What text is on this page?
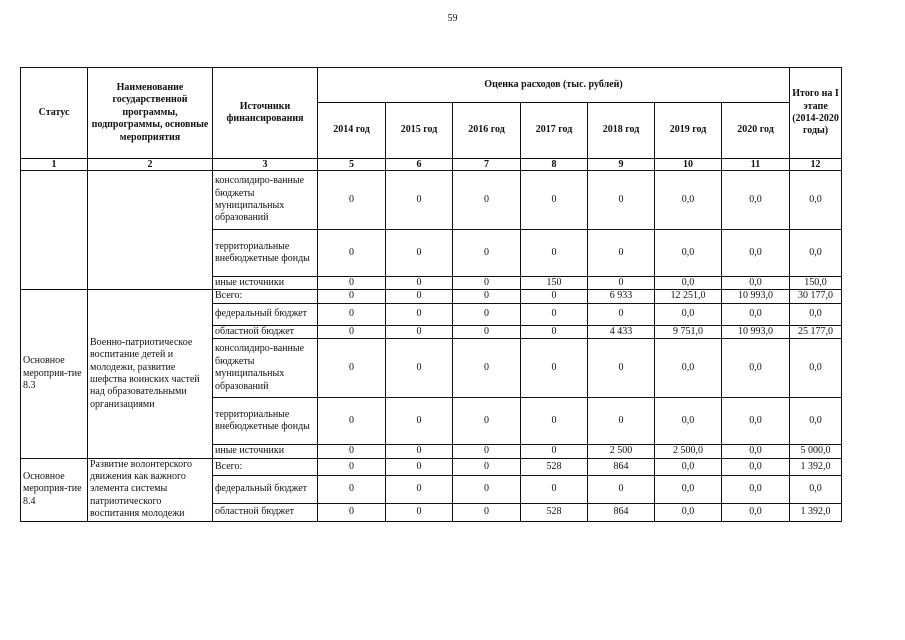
59
Статус	Наименование государственной программы, подпрограммы, основные мероприятия	Источники финансирования	Оценка расходов (тыс. рублей)							Итого на I этапе (2014-2020 годы)
			2014 год	2015 год	2016 год	2017 год	2018 год	2019 год	2020 год	
1	2	3	5	6	7	8	9	10	11	12
		консолидиро-ванные бюджеты муниципальных образований	0	0	0	0	0	0,0	0,0	0,0
		территориальные внебюджетные фонды	0	0	0	0	0	0,0	0,0	0,0
		иные источники	0	0	0	150	0	0,0	0,0	150,0
Основное мероприя-тие 8.3	Военно-патриотическое воспитание детей и молодежи, развитие шефства воинских частей над образовательными организациями	Всего:	0	0	0	0	6 933	12 251,0	10 993,0	30 177,0
		федеральный бюджет	0	0	0	0	0	0,0	0,0	0,0
		областной бюджет	0	0	0	0	4 433	9 751,0	10 993,0	25 177,0
		консолидиро-ванные бюджеты муниципальных образований	0	0	0	0	0	0,0	0,0	0,0
		территориальные внебюджетные фонды	0	0	0	0	0	0,0	0,0	0,0
		иные источники	0	0	0	0	2 500	2 500,0	0,0	5 000,0
Основное мероприя-тие 8.4	Развитие волонтерского движения как важного элемента системы патриотического воспитания молодежи	Всего:	0	0	0	528	864	0,0	0,0	1 392,0
		федеральный бюджет	0	0	0	0	0	0,0	0,0	0,0
		областной бюджет	0	0	0	528	864	0,0	0,0	1 392,0
